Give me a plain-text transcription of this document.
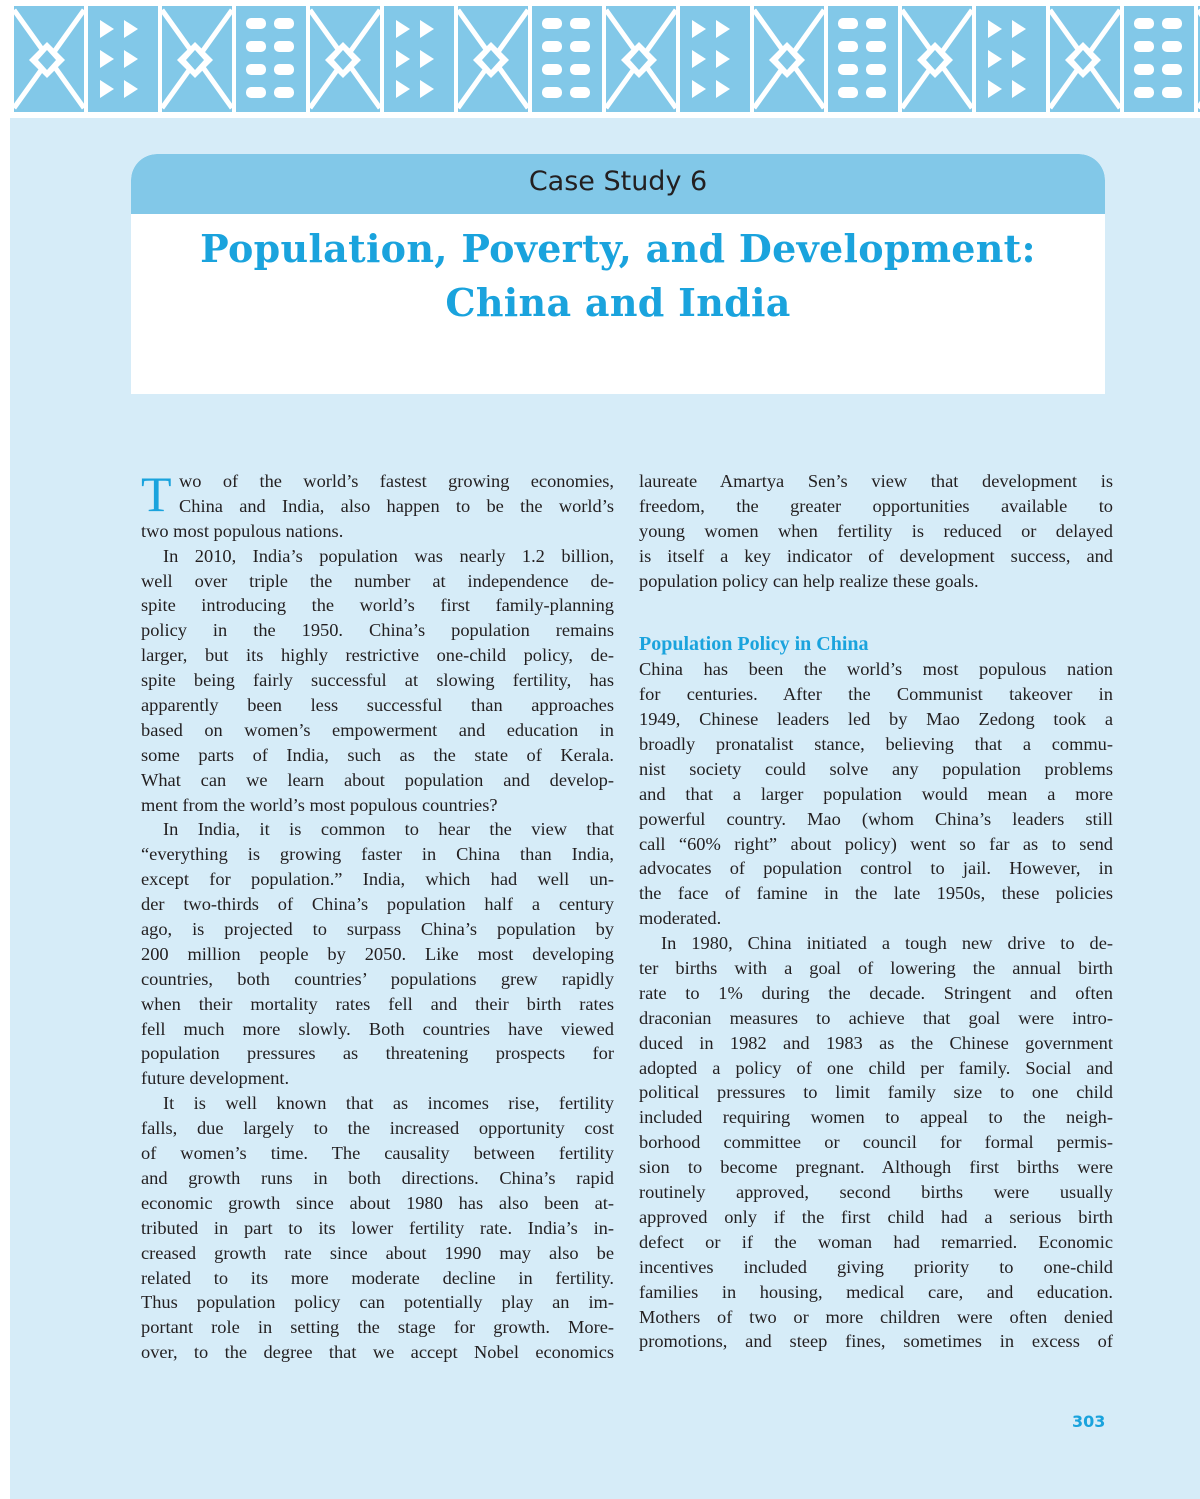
Case Study 6
Population, Poverty, and Development:
China and India
T wo of the world’s fastest growing economies,
China and India, also happen to be the world’s
two most populous nations.
In 2010, India’s population was nearly 1.2 billion,
well over triple the number at independence de-
spite introducing the world’s first family-planning
policy in the 1950. China’s population remains
larger, but its highly restrictive one-child policy, de-
spite being fairly successful at slowing fertility, has
apparently been less successful than approaches
based on women’s empowerment and education in
some parts of India, such as the state of Kerala.
What can we learn about population and develop-
ment from the world’s most populous countries?
In India, it is common to hear the view that
“everything is growing faster in China than India,
except for population.” India, which had well un-
der two-thirds of China’s population half a century
ago, is projected to surpass China’s population by
200 million people by 2050. Like most developing
countries, both countries’ populations grew rapidly
when their mortality rates fell and their birth rates
fell much more slowly. Both countries have viewed
population pressures as threatening prospects for
future development.
It is well known that as incomes rise, fertility
falls, due largely to the increased opportunity cost
of women’s time. The causality between fertility
and growth runs in both directions. China’s rapid
economic growth since about 1980 has also been at-
tributed in part to its lower fertility rate. India’s in-
creased growth rate since about 1990 may also be
related to its more moderate decline in fertility.
Thus population policy can potentially play an im-
portant role in setting the stage for growth. More-
over, to the degree that we accept Nobel economics
laureate Amartya Sen’s view that development is
freedom, the greater opportunities available to
young women when fertility is reduced or delayed
is itself a key indicator of development success, and
population policy can help realize these goals.
Population Policy in China
China has been the world’s most populous nation
for centuries. After the Communist takeover in
1949, Chinese leaders led by Mao Zedong took a
broadly pronatalist stance, believing that a commu-
nist society could solve any population problems
and that a larger population would mean a more
powerful country. Mao (whom China’s leaders still
call “60% right” about policy) went so far as to send
advocates of population control to jail. However, in
the face of famine in the late 1950s, these policies
moderated.
In 1980, China initiated a tough new drive to de-
ter births with a goal of lowering the annual birth
rate to 1% during the decade. Stringent and often
draconian measures to achieve that goal were intro-
duced in 1982 and 1983 as the Chinese government
adopted a policy of one child per family. Social and
political pressures to limit family size to one child
included requiring women to appeal to the neigh-
borhood committee or council for formal permis-
sion to become pregnant. Although first births were
routinely approved, second births were usually
approved only if the first child had a serious birth
defect or if the woman had remarried. Economic
incentives included giving priority to one-child
families in housing, medical care, and education.
Mothers of two or more children were often denied
promotions, and steep fines, sometimes in excess of
303
